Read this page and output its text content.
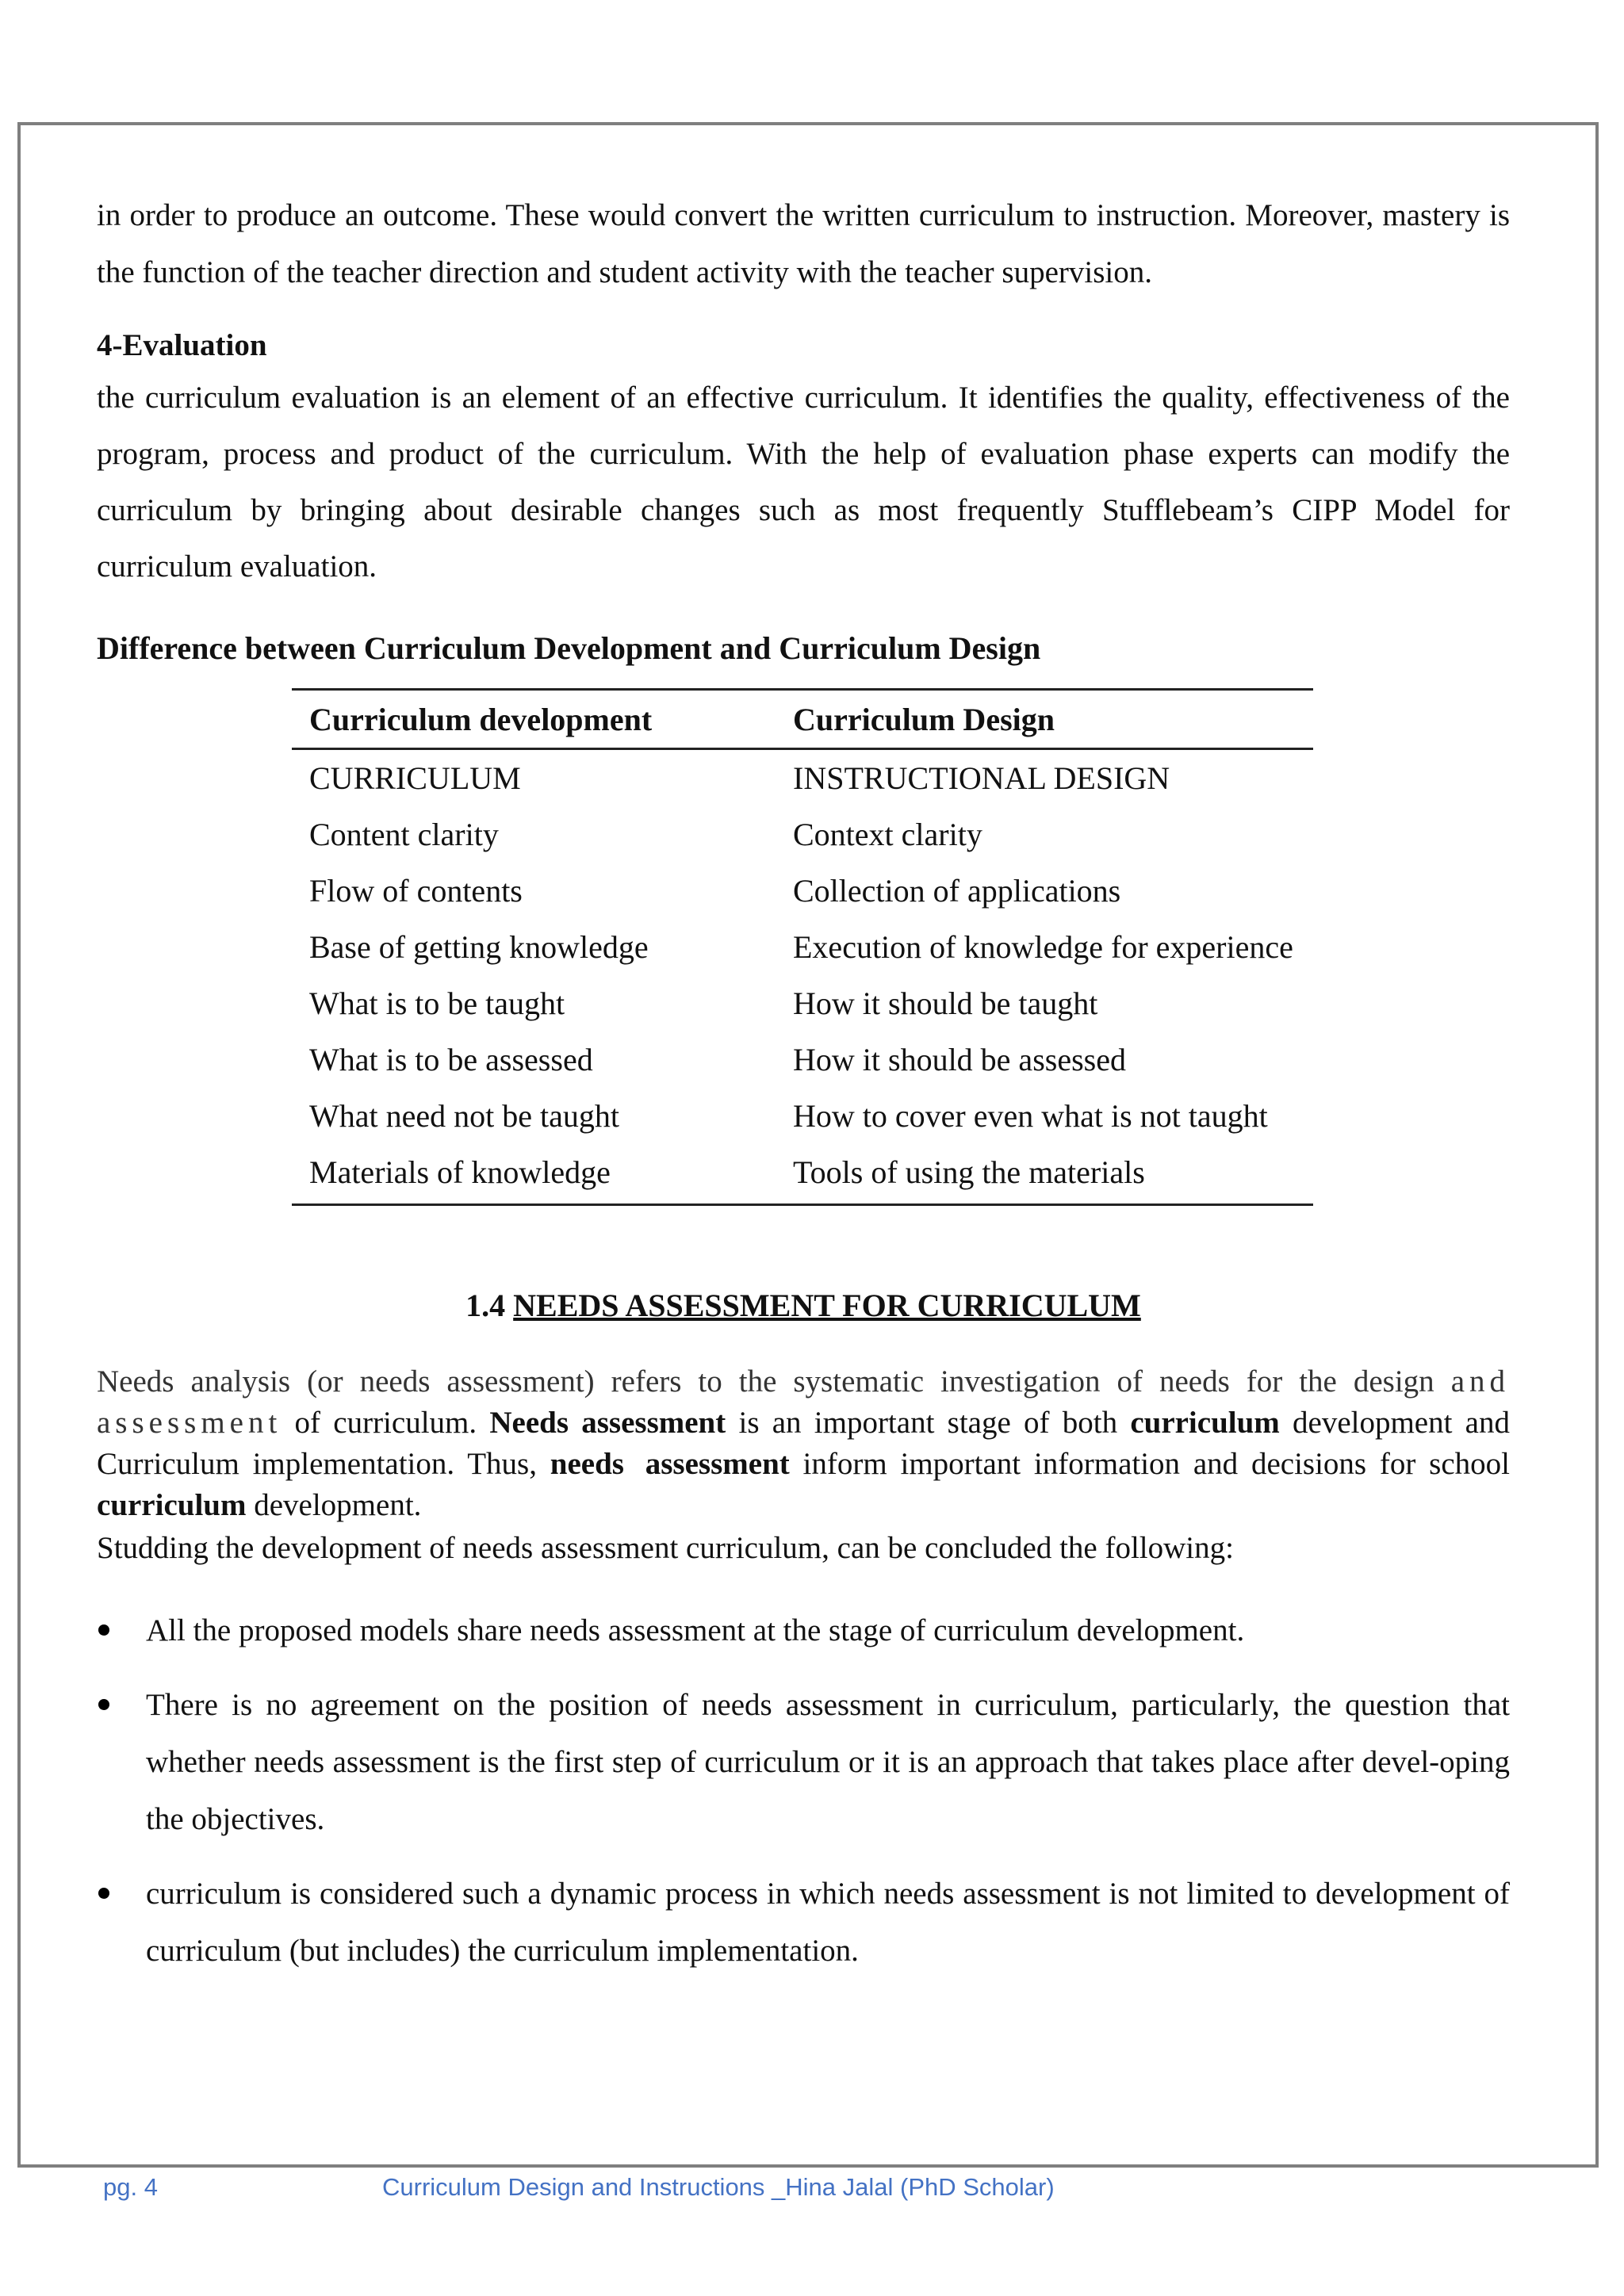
in order to produce an outcome. These would convert the written curriculum to instruction. Moreover, mastery is the function of the teacher direction and student activity with the teacher supervision.

4-Evaluation

the curriculum evaluation is an element of an effective curriculum. It identifies the quality, effectiveness of the program, process and product of the curriculum. With the help of evaluation phase experts can modify the curriculum by bringing about desirable changes such as most frequently Stufflebeam’s CIPP Model for curriculum evaluation.

Difference between Curriculum Development and Curriculum Design
Curriculum development	Curriculum Design
CURRICULUM	INSTRUCTIONAL DESIGN
Content clarity	Context clarity
Flow of contents	Collection of applications
Base of getting knowledge	Execution of knowledge for experience
What is to be taught	How it should be taught
What is to be assessed	How it should be assessed
What need not be taught	How to cover even what is not taught
Materials of knowledge	Tools of using the materials
1.4 NEEDS ASSESSMENT FOR CURRICULUM

Needs analysis (or needs assessment) refers to the systematic investigation of needs for the design and assessment of curriculum. Needs assessment is an important stage of both curriculum development and Curriculum implementation. Thus, needs assessment inform important information and decisions for school curriculum development.

Studding the development of needs assessment curriculum, can be concluded the following:

All the proposed models share needs assessment at the stage of curriculum development.
There is no agreement on the position of needs assessment in curriculum, particularly, the question that whether needs assessment is the first step of curriculum or it is an approach that takes place after devel-oping the objectives.
curriculum is considered such a dynamic process in which needs assessment is not limited to development of curriculum (but includes) the curriculum implementation.
pg. 4	Curriculum Design and Instructions _Hina Jalal (PhD Scholar)
